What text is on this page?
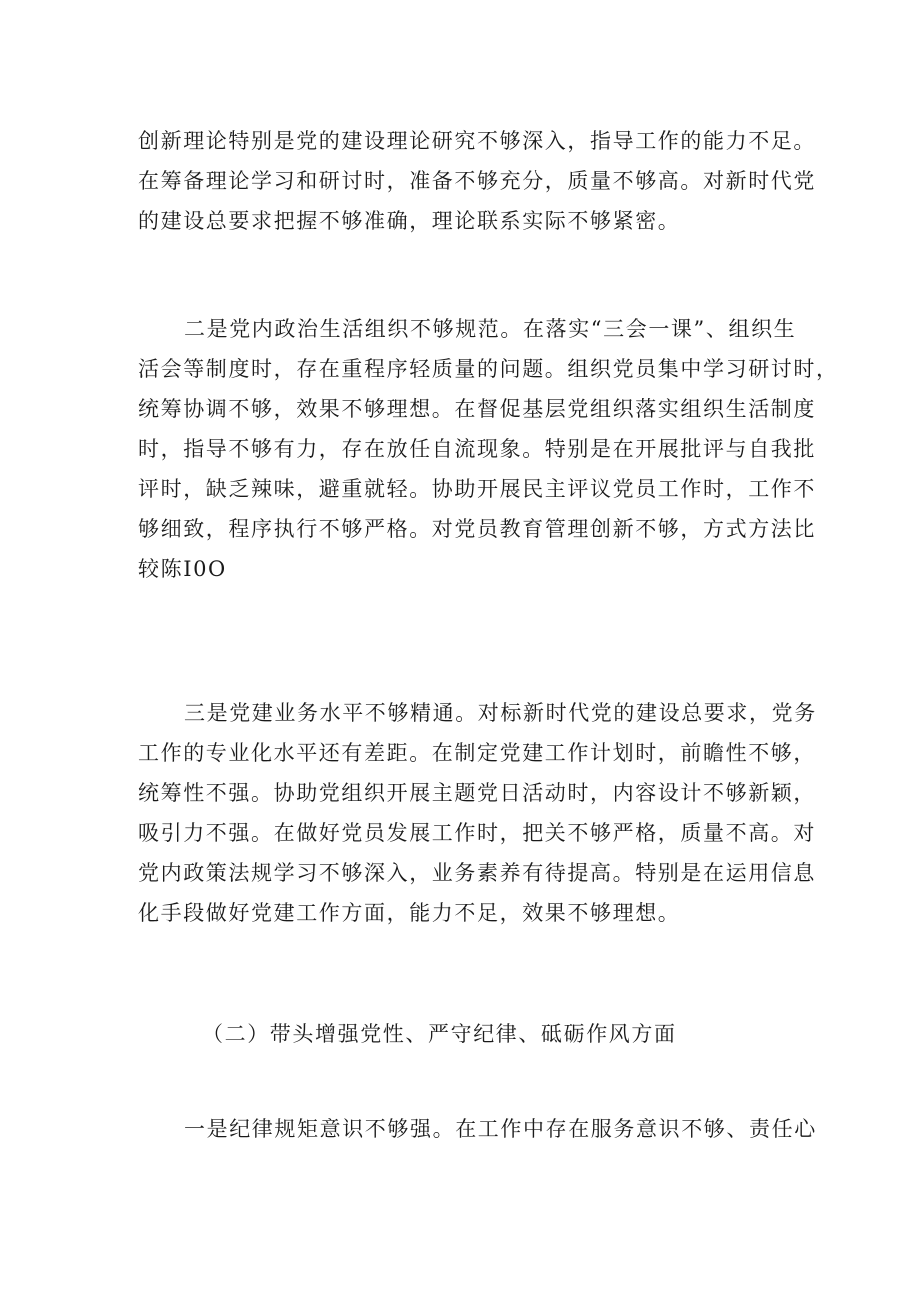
创新理论特别是党的建设理论研究不够深入，指导工作的能力不足。
在筹备理论学习和研讨时，准备不够充分，质量不够高。对新时代党
的建设总要求把握不够准确，理论联系实际不够紧密。
二是党内政治生活组织不够规范。在落实“三会一课”、组织生
活会等制度时，存在重程序轻质量的问题。组织党员集中学习研讨时，
统筹协调不够，效果不够理想。在督促基层党组织落实组织生活制度
时，指导不够有力，存在放任自流现象。特别是在开展批评与自我批
评时，缺乏辣味，避重就轻。协助开展民主评议党员工作时，工作不
够细致，程序执行不够严格。对党员教育管理创新不够，方式方法比
较陈I0O
三是党建业务水平不够精通。对标新时代党的建设总要求，党务
工作的专业化水平还有差距。在制定党建工作计划时，前瞻性不够，
统筹性不强。协助党组织开展主题党日活动时，内容设计不够新颖，
吸引力不强。在做好党员发展工作时，把关不够严格，质量不高。对
党内政策法规学习不够深入，业务素养有待提高。特别是在运用信息
化手段做好党建工作方面，能力不足，效果不够理想。
（二）带头增强党性、严守纪律、砥砺作风方面
一是纪律规矩意识不够强。在工作中存在服务意识不够、责任心
